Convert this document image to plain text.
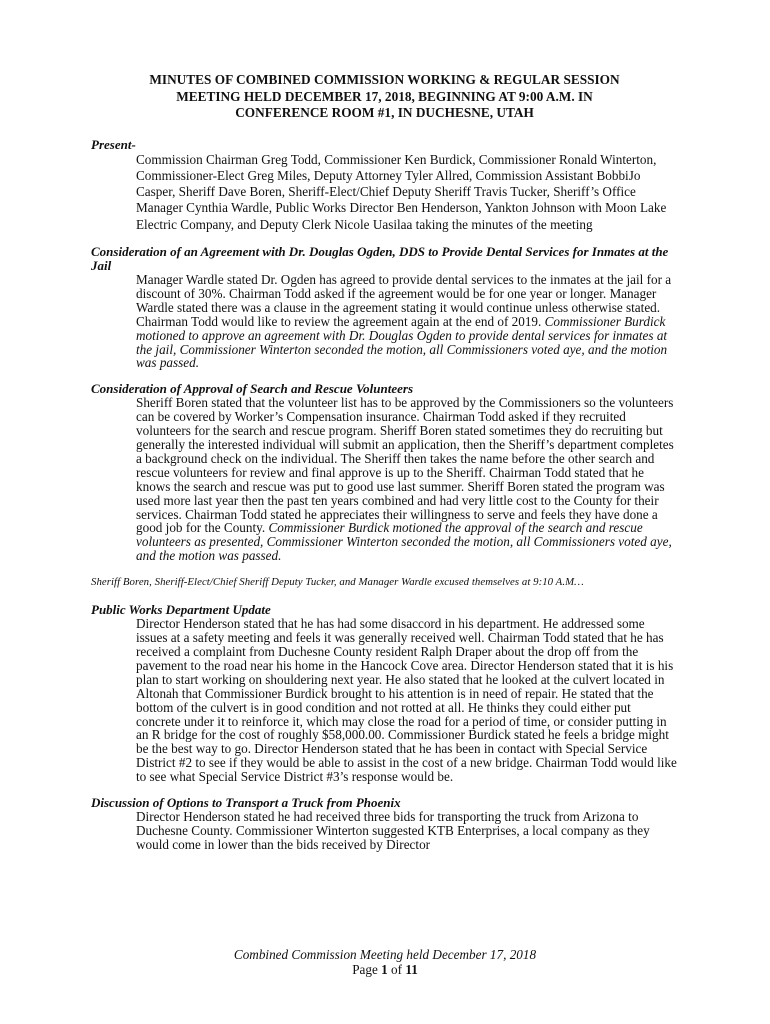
MINUTES OF COMBINED COMMISSION WORKING & REGULAR SESSION
MEETING HELD DECEMBER 17, 2018, BEGINNING AT 9:00 A.M. IN
CONFERENCE ROOM #1, IN DUCHESNE, UTAH
Present-
Commission Chairman Greg Todd, Commissioner Ken Burdick, Commissioner Ronald Winterton, Commissioner-Elect Greg Miles, Deputy Attorney Tyler Allred, Commission Assistant BobbiJo Casper, Sheriff Dave Boren, Sheriff-Elect/Chief Deputy Sheriff Travis Tucker, Sheriff’s Office Manager Cynthia Wardle, Public Works Director Ben Henderson, Yankton Johnson with Moon Lake Electric Company, and Deputy Clerk Nicole Uasilaa taking the minutes of the meeting
Consideration of an Agreement with Dr. Douglas Ogden, DDS to Provide Dental Services for Inmates at the Jail
Manager Wardle stated Dr. Ogden has agreed to provide dental services to the inmates at the jail for a discount of 30%. Chairman Todd asked if the agreement would be for one year or longer. Manager Wardle stated there was a clause in the agreement stating it would continue unless otherwise stated. Chairman Todd would like to review the agreement again at the end of 2019. Commissioner Burdick motioned to approve an agreement with Dr. Douglas Ogden to provide dental services for inmates at the jail, Commissioner Winterton seconded the motion, all Commissioners voted aye, and the motion was passed.
Consideration of Approval of Search and Rescue Volunteers
Sheriff Boren stated that the volunteer list has to be approved by the Commissioners so the volunteers can be covered by Worker’s Compensation insurance. Chairman Todd asked if they recruited volunteers for the search and rescue program. Sheriff Boren stated sometimes they do recruiting but generally the interested individual will submit an application, then the Sheriff’s department completes a background check on the individual. The Sheriff then takes the name before the other search and rescue volunteers for review and final approve is up to the Sheriff. Chairman Todd stated that he knows the search and rescue was put to good use last summer. Sheriff Boren stated the program was used more last year then the past ten years combined and had very little cost to the County for their services. Chairman Todd stated he appreciates their willingness to serve and feels they have done a good job for the County. Commissioner Burdick motioned the approval of the search and rescue volunteers as presented, Commissioner Winterton seconded the motion, all Commissioners voted aye, and the motion was passed.
Sheriff Boren, Sheriff-Elect/Chief Sheriff Deputy Tucker, and Manager Wardle excused themselves at 9:10 A.M…
Public Works Department Update
Director Henderson stated that he has had some disaccord in his department. He addressed some issues at a safety meeting and feels it was generally received well. Chairman Todd stated that he has received a complaint from Duchesne County resident Ralph Draper about the drop off from the pavement to the road near his home in the Hancock Cove area. Director Henderson stated that it is his plan to start working on shouldering next year. He also stated that he looked at the culvert located in Altonah that Commissioner Burdick brought to his attention is in need of repair. He stated that the bottom of the culvert is in good condition and not rotted at all. He thinks they could either put concrete under it to reinforce it, which may close the road for a period of time, or consider putting in an R bridge for the cost of roughly $58,000.00. Commissioner Burdick stated he feels a bridge might be the best way to go. Director Henderson stated that he has been in contact with Special Service District #2 to see if they would be able to assist in the cost of a new bridge. Chairman Todd would like to see what Special Service District #3’s response would be.
Discussion of Options to Transport a Truck from Phoenix
Director Henderson stated he had received three bids for transporting the truck from Arizona to Duchesne County. Commissioner Winterton suggested KTB Enterprises, a local company as they would come in lower than the bids received by Director
Combined Commission Meeting held December 17, 2018
Page 1 of 11
